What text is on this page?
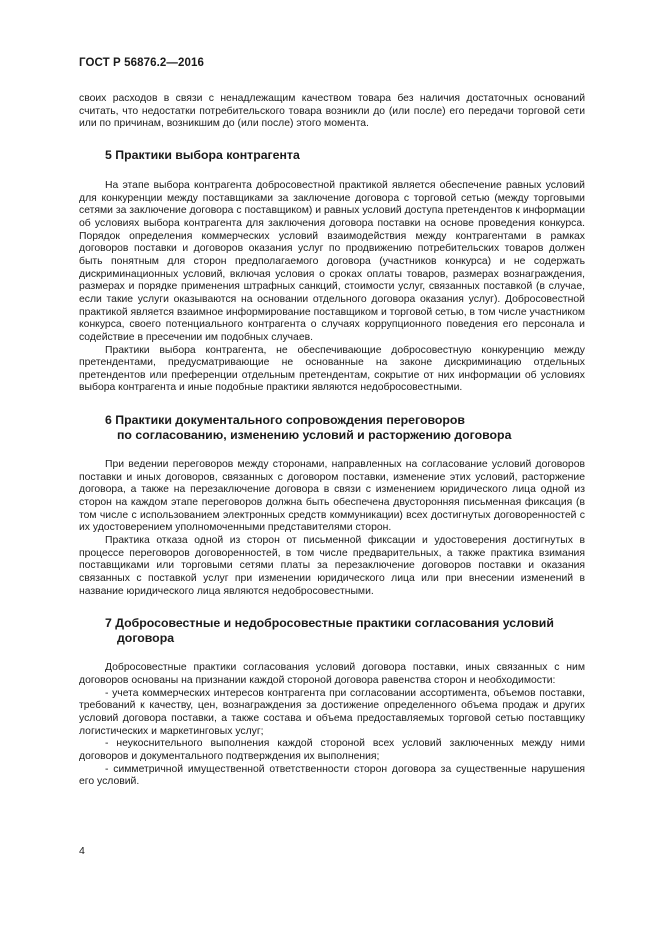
ГОСТ Р 56876.2—2016

своих расходов в связи с ненадлежащим качеством товара без наличия достаточных оснований считать, что недостатки потребительского товара возникли до (или после) его передачи торговой сети или по причинам, возникшим до (или после) этого момента.

5 Практики выбора контрагента

На этапе выбора контрагента добросовестной практикой является обеспечение равных условий для конкуренции между поставщиками за заключение договора с торговой сетью (между торговыми сетями за заключение договора с поставщиком) и равных условий доступа претендентов к информации об условиях выбора контрагента для заключения договора поставки на основе проведения конкурса. Порядок определения коммерческих условий взаимодействия между контрагентами в рамках договоров поставки и договоров оказания услуг по продвижению потребительских товаров должен быть понятным для сторон предполагаемого договора (участников конкурса) и не содержать дискриминационных условий, включая условия о сроках оплаты товаров, размерах вознаграждения, размерах и порядке применения штрафных санкций, стоимости услуг, связанных поставкой (в случае, если такие услуги оказываются на основании отдельного договора оказания услуг). Добросовестной практикой является взаимное информирование поставщиком и торговой сетью, в том числе участником конкурса, своего потенциального контрагента о случаях коррупционного поведения его персонала и содействие в пресечении им подобных случаев.

Практики выбора контрагента, не обеспечивающие добросовестную конкуренцию между претендентами, предусматривающие не основанные на законе дискриминацию отдельных претендентов или преференции отдельным претендентам, сокрытие от них информации об условиях выбора контрагента и иные подобные практики являются недобросовестными.

6 Практики документального сопровождения переговоров
по согласованию, изменению условий и расторжению договора

При ведении переговоров между сторонами, направленных на согласование условий договоров поставки и иных договоров, связанных с договором поставки, изменение этих условий, расторжение договора, а также на перезаключение договора в связи с изменением юридического лица одной из сторон на каждом этапе переговоров должна быть обеспечена двусторонняя письменная фиксация (в том числе с использованием электронных средств коммуникации) всех достигнутых договоренностей с их удостоверением уполномоченными представителями сторон.

Практика отказа одной из сторон от письменной фиксации и удостоверения достигнутых в процессе переговоров договоренностей, в том числе предварительных, а также практика взимания поставщиками или торговыми сетями платы за перезаключение договоров поставки и оказания связанных с поставкой услуг при изменении юридического лица или при внесении изменений в название юридического лица являются недобросовестными.

7 Добросовестные и недобросовестные практики согласования условий
договора

Добросовестные практики согласования условий договора поставки, иных связанных с ним договоров основаны на признании каждой стороной договора равенства сторон и необходимости:

- учета коммерческих интересов контрагента при согласовании ассортимента, объемов поставки, требований к качеству, цен, вознаграждения за достижение определенного объема продаж и других условий договора поставки, а также состава и объема предоставляемых торговой сетью поставщику логистических и маркетинговых услуг;

- неукоснительного выполнения каждой стороной всех условий заключенных между ними договоров и документального подтверждения их выполнения;

- симметричной имущественной ответственности сторон договора за существенные нарушения его условий.

4
